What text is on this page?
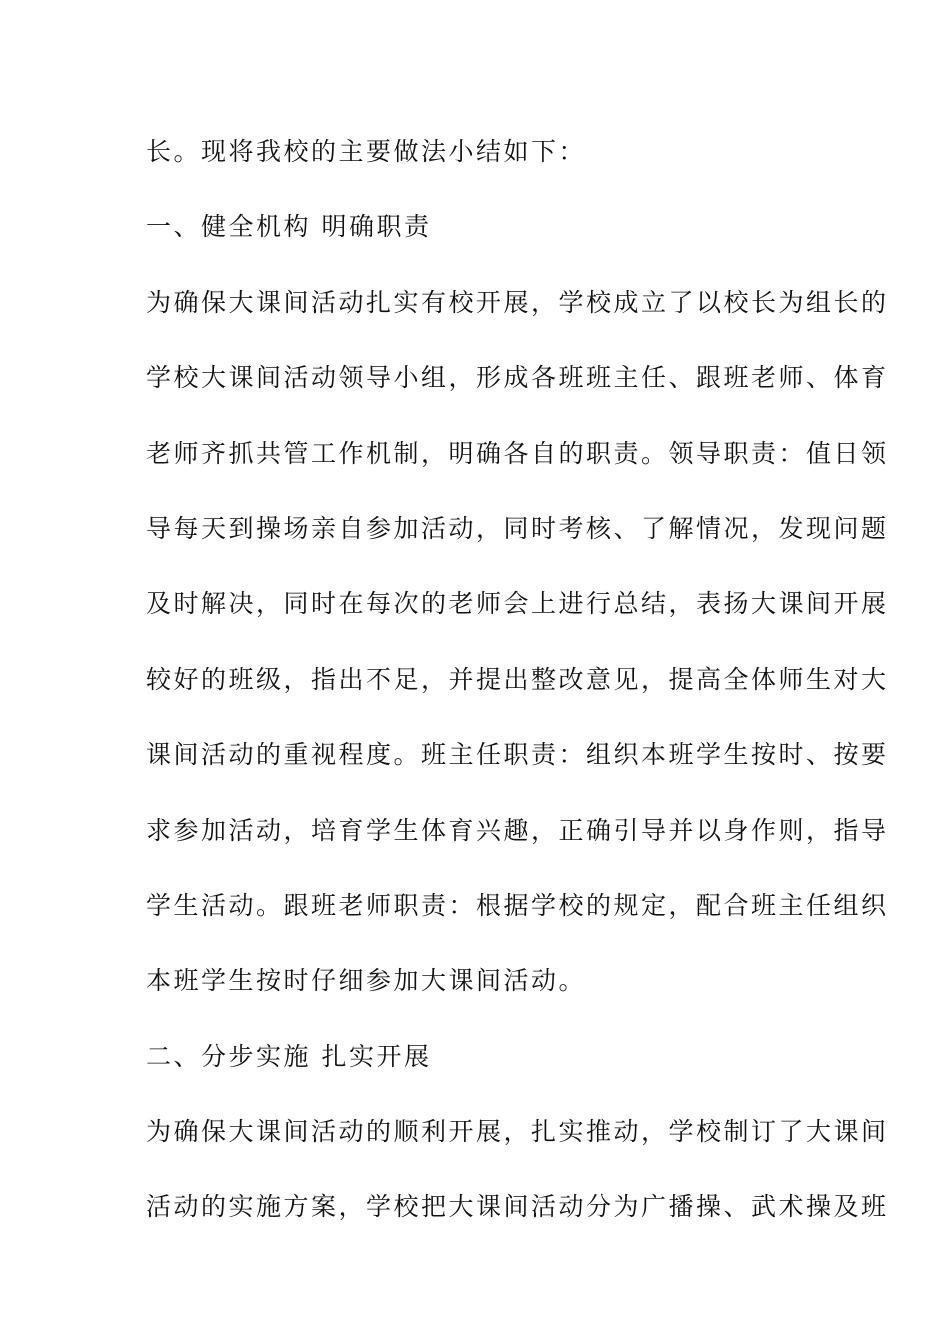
长。现将我校的主要做法小结如下：
一、健全机构 明确职责
为确保大课间活动扎实有校开展，学校成立了以校长为组长的
学校大课间活动领导小组，形成各班班主任、跟班老师、体育
老师齐抓共管工作机制，明确各自的职责。领导职责：值日领
导每天到操场亲自参加活动，同时考核、了解情况，发现问题
及时解决，同时在每次的老师会上进行总结，表扬大课间开展
较好的班级，指出不足，并提出整改意见，提高全体师生对大
课间活动的重视程度。班主任职责：组织本班学生按时、按要
求参加活动，培育学生体育兴趣，正确引导并以身作则，指导
学生活动。跟班老师职责：根据学校的规定，配合班主任组织
本班学生按时仔细参加大课间活动。
二、分步实施 扎实开展
为确保大课间活动的顺利开展，扎实推动，学校制订了大课间
活动的实施方案，学校把大课间活动分为广播操、武术操及班
